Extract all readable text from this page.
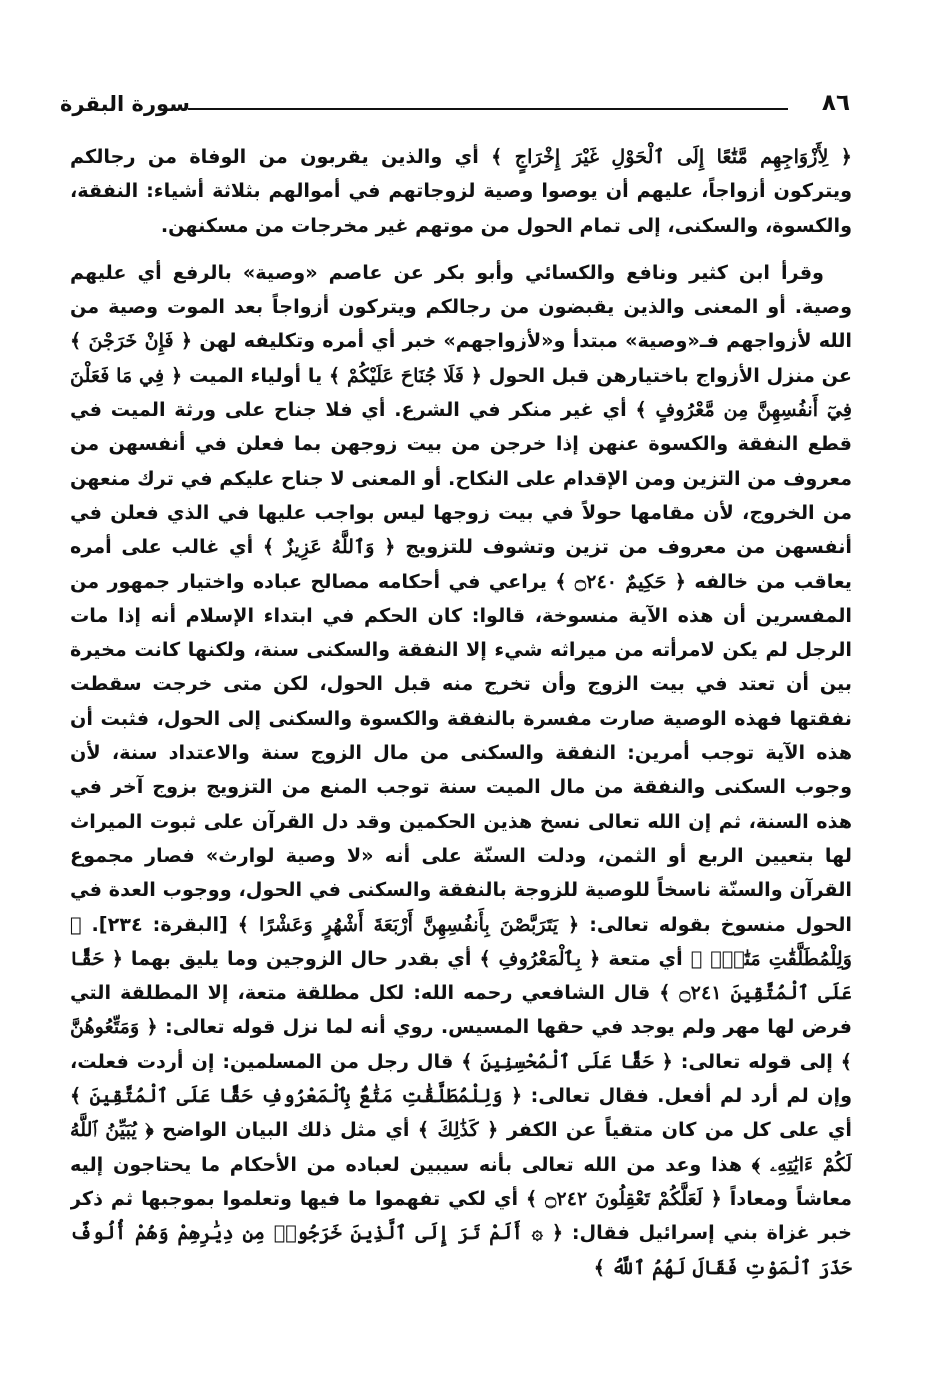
سورة البقرة	٨٦

﴿ لِأَزْوَاجِهِم مَّتَٰعًا إِلَى ٱلْحَوْلِ غَيْرَ إِخْرَاجٍ ﴾ أي والذين يقربون من الوفاة من رجالكم ويتركون أزواجاً، عليهم أن يوصوا وصية لزوجاتهم في أموالهم بثلاثة أشياء: النفقة، والكسوة، والسكنى، إلى تمام الحول من موتهم غير مخرجات من مسكنهن.

وقرأ ابن كثير ونافع والكسائي وأبو بكر عن عاصم «وصية» بالرفع أي عليهم وصية. أو المعنى والذين يقبضون من رجالكم ويتركون أزواجاً بعد الموت وصية من الله لأزواجهم فـ«وصية» مبتدأ و«لأزواجهم» خبر أي أمره وتكليفه لهن ﴿ فَإِنْ خَرَجْنَ ﴾ عن منزل الأزواج باختيارهن قبل الحول ﴿ فَلَا جُنَاحَ عَلَيْكُمْ ﴾ يا أولياء الميت ﴿ فِي مَا فَعَلْنَ فِيٓ أَنفُسِهِنَّ مِن مَّعْرُوفٍ ﴾ أي غير منكر في الشرع. أي فلا جناح على ورثة الميت في قطع النفقة والكسوة عنهن إذا خرجن من بيت زوجهن بما فعلن في أنفسهن من معروف من التزين ومن الإقدام على النكاح. أو المعنى لا جناح عليكم في ترك منعهن من الخروج، لأن مقامها حولاً في بيت زوجها ليس بواجب عليها في الذي فعلن في أنفسهن من معروف من تزين وتشوف للتزويج ﴿ وَٱللَّهُ عَزِيزٌ ﴾ أي غالب على أمره يعاقب من خالفه ﴿ حَكِيمٌ ۝٢٤٠ ﴾ يراعي في أحكامه مصالح عباده واختيار جمهور من المفسرين أن هذه الآية منسوخة، قالوا: كان الحكم في ابتداء الإسلام أنه إذا مات الرجل لم يكن لامرأته من ميراثه شيء إلا النفقة والسكنى سنة، ولكنها كانت مخيرة بين أن تعتد في بيت الزوج وأن تخرج منه قبل الحول، لكن متى خرجت سقطت نفقتها فهذه الوصية صارت مفسرة بالنفقة والكسوة والسكنى إلى الحول، فثبت أن هذه الآية توجب أمرين: النفقة والسكنى من مال الزوج سنة والاعتداد سنة، لأن وجوب السكنى والنفقة من مال الميت سنة توجب المنع من التزويج بزوج آخر في هذه السنة، ثم إن الله تعالى نسخ هذين الحكمين وقد دل القرآن على ثبوت الميراث لها بتعيين الربع أو الثمن، ودلت السنّة على أنه «لا وصية لوارث» فصار مجموع القرآن والسنّة ناسخاً للوصية للزوجة بالنفقة والسكنى في الحول، ووجوب العدة في الحول منسوخ بقوله تعالى: ﴿ يَتَرَبَّصْنَ بِأَنفُسِهِنَّ أَرْبَعَةَ أَشْهُرٍ وَعَشْرًا ﴾ [البقرة: ٢٣٤]. ﴿ وَلِلْمُطَلَّقَٰتِ مَتَٰعٌۢ ﴾ أي متعة ﴿ بِٱلْمَعْرُوفِ ﴾ أي بقدر حال الزوجين وما يليق بهما ﴿ حَقًّا عَلَى ٱلْمُتَّقِينَ ۝٢٤١ ﴾ قال الشافعي رحمه الله: لكل مطلقة متعة، إلا المطلقة التي فرض لها مهر ولم يوجد في حقها المسيس. روي أنه لما نزل قوله تعالى: ﴿ وَمَتِّعُوهُنَّ ﴾ إلى قوله تعالى: ﴿ حَقًّا عَلَى ٱلْمُحْسِنِينَ ﴾ قال رجل من المسلمين: إن أردت فعلت، وإن لم أرد لم أفعل. فقال تعالى: ﴿ وَلِلْمُطَلَّقَٰتِ مَتَٰعٌۢ بِٱلْمَعْرُوفِ حَقًّا عَلَى ٱلْمُتَّقِينَ ﴾ أي على كل من كان متقياً عن الكفر ﴿ كَذَٰلِكَ ﴾ أي مثل ذلك البيان الواضح ﴿ يُبَيِّنُ ٱللَّهُ لَكُمْ ءَايَٰتِهِۦ ﴾ هذا وعد من الله تعالى بأنه سيبين لعباده من الأحكام ما يحتاجون إليه معاشاً ومعاداً ﴿ لَعَلَّكُمْ تَعْقِلُونَ ۝٢٤٢ ﴾ أي لكي تفهموا ما فيها وتعلموا بموجبها ثم ذكر خبر غزاة بني إسرائيل فقال: ﴿ ۞ أَلَمْ تَرَ إِلَى ٱلَّذِينَ خَرَجُوا۟ مِن دِيَٰرِهِمْ وَهُمْ أُلُوفٌ حَذَرَ ٱلْمَوْتِ فَقَالَ لَهُمُ ٱللَّهُ ﴾
